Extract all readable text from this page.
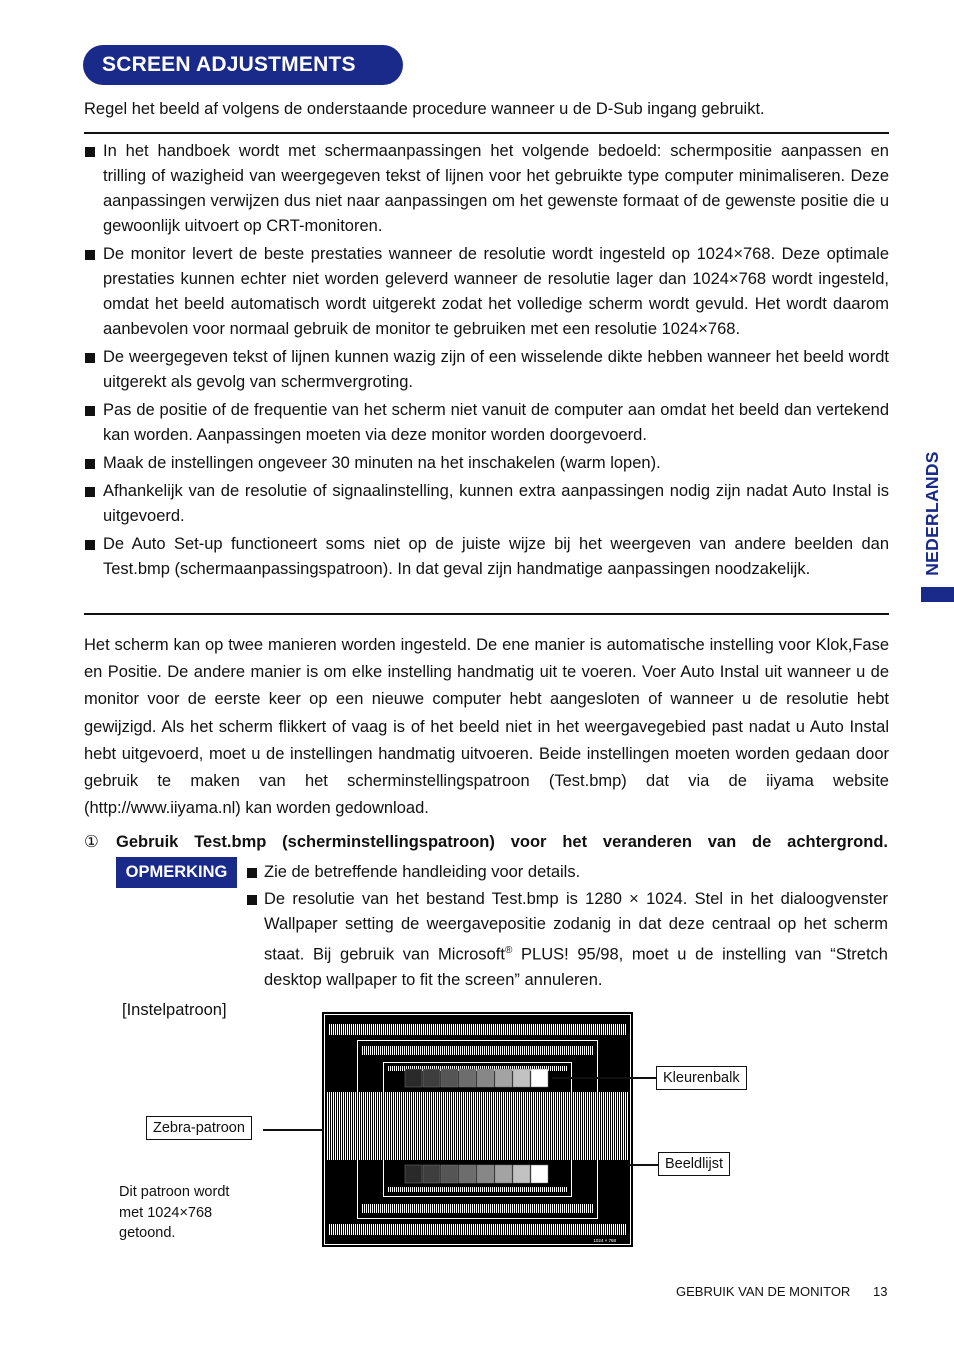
SCREEN ADJUSTMENTS
Regel het beeld af volgens de onderstaande procedure wanneer u de D-Sub ingang gebruikt.
In het handboek wordt met schermaanpassingen het volgende bedoeld: schermpositie aanpassen en trilling of wazigheid van weergegeven tekst of lijnen voor het gebruikte type computer minimaliseren. Deze aanpassingen verwijzen dus niet naar aanpassingen om het gewenste formaat of de gewenste positie die u gewoonlijk uitvoert op CRT-monitoren.
De monitor levert de beste prestaties wanneer de resolutie wordt ingesteld op 1024×768. Deze optimale prestaties kunnen echter niet worden geleverd wanneer de resolutie lager dan 1024×768 wordt ingesteld, omdat het beeld automatisch wordt uitgerekt zodat het volledige scherm wordt gevuld. Het wordt daarom aanbevolen voor normaal gebruik de monitor te gebruiken met een resolutie 1024×768.
De weergegeven tekst of lijnen kunnen wazig zijn of een wisselende dikte hebben wanneer het beeld wordt uitgerekt als gevolg van schermvergroting.
Pas de positie of de frequentie van het scherm niet vanuit de computer aan omdat het beeld dan vertekend kan worden. Aanpassingen moeten via deze monitor worden doorgevoerd.
Maak de instellingen ongeveer 30 minuten na het inschakelen (warm lopen).
Afhankelijk van de resolutie of signaalinstelling, kunnen extra aanpassingen nodig zijn nadat Auto Instal is uitgevoerd.
De Auto Set-up functioneert soms niet op de juiste wijze bij het weergeven van andere beelden dan Test.bmp (schermaanpassingspatroon). In dat geval zijn handmatige aanpassingen noodzakelijk.

Het scherm kan op twee manieren worden ingesteld. De ene manier is automatische instelling voor Klok,Fase en Positie. De andere manier is om elke instelling handmatig uit te voeren. Voer Auto Instal uit wanneer u de monitor voor de eerste keer op een nieuwe computer hebt aangesloten of wanneer u de resolutie hebt gewijzigd. Als het scherm flikkert of vaag is of het beeld niet in het weergavegebied past nadat u Auto Instal hebt uitgevoerd, moet u de instellingen handmatig uitvoeren. Beide instellingen moeten worden gedaan door gebruik te maken van het scherminstellingspatroon (Test.bmp) dat via de iiyama website (http://www.iiyama.nl) kan worden gedownload.

① Gebruik Test.bmp (scherminstellingspatroon) voor het veranderen van de achtergrond.
OPMERKING	Zie de betreffende handleiding voor details.
De resolutie van het bestand Test.bmp is 1280 × 1024. Stel in het dialoogvenster Wallpaper setting de weergavepositie zodanig in dat deze centraal op het scherm staat. Bij gebruik van Microsoft® PLUS! 95/98, moet u de instelling van “Stretch desktop wallpaper to fit the screen” annuleren.
[Instelpatroon]
1024 × 768
Zebra-patroon
Kleurenbalk
Beeldlijst
Dit patroon wordt
met 1024×768
getoond.
NEDERLANDS
GEBRUIK VAN DE MONITOR 13
